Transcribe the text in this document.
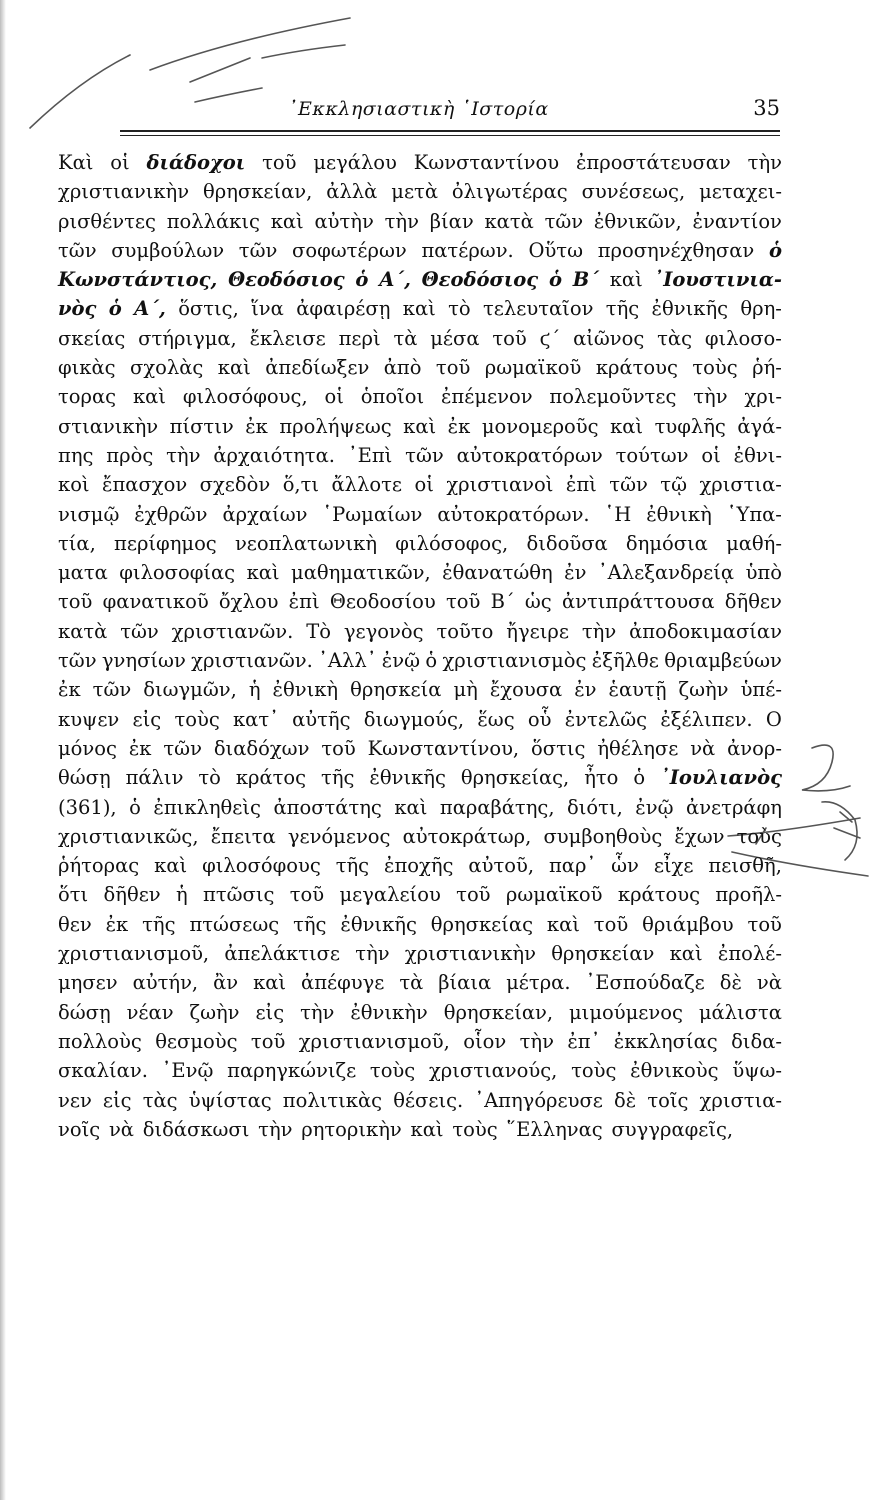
᾿Εκκλησιαστικὴ ῾Ιστορία	35
Καὶ οἱ διάδοχοι τοῦ μεγάλου Κωνσταντίνου ἐπροστάτευσαν τὴν
χριστιανικὴν θρησκείαν, ἀλλὰ μετὰ ὀλιγωτέρας συνέσεως, μεταχει-
ρισθέντες πολλάκις καὶ αὐτὴν τὴν βίαν κατὰ τῶν ἐθνικῶν, ἐναντίον
τῶν συμβούλων τῶν σοφωτέρων πατέρων. Οὕτω προσηνέχθησαν ὁ
Κωνστάντιος, Θεοδόσιος ὁ Α΄, Θεοδόσιος ὁ Β΄ καὶ ᾿Ιουστινια-
νὸς ὁ Α΄, ὅστις, ἵνα ἀφαιρέσῃ καὶ τὸ τελευταῖον τῆς ἐθνικῆς θρη-
σκείας στήριγμα, ἔκλεισε περὶ τὰ μέσα τοῦ ϛ΄ αἰῶνος τὰς φιλοσο-
φικὰς σχολὰς καὶ ἀπεδίωξεν ἀπὸ τοῦ ρωμαϊκοῦ κράτους τοὺς ῥή-
τορας καὶ φιλοσόφους, οἱ ὁποῖοι ἐπέμενον πολεμοῦντες τὴν χρι-
στιανικὴν πίστιν ἐκ προλήψεως καὶ ἐκ μονομεροῦς καὶ τυφλῆς ἀγά-
πης πρὸς τὴν ἀρχαιότητα. ᾿Επὶ τῶν αὐτοκρατόρων τούτων οἱ ἐθνι-
κοὶ ἔπασχον σχεδὸν ὅ,τι ἄλλοτε οἱ χριστιανοὶ ἐπὶ τῶν τῷ χριστια-
νισμῷ ἐχθρῶν ἀρχαίων ῾Ρωμαίων αὐτοκρατόρων. ῾Η ἐθνικὴ ῾Υπα-
τία, περίφημος νεοπλατωνικὴ φιλόσοφος, διδοῦσα δημόσια μαθή-
ματα φιλοσοφίας καὶ μαθηματικῶν, ἐθανατώθη ἐν ᾿Αλεξανδρείᾳ ὑπὸ
τοῦ φανατικοῦ ὄχλου ἐπὶ Θεοδοσίου τοῦ Β΄ ὡς ἀντιπράττουσα δῆθεν
κατὰ τῶν χριστιανῶν. Τὸ γεγονὸς τοῦτο ἤγειρε τὴν ἀποδοκιμασίαν
τῶν γνησίων χριστιανῶν. ᾿Αλλ᾿ ἐνῷ ὁ χριστιανισμὸς ἐξῆλθε θριαμβεύων
ἐκ τῶν διωγμῶν, ἡ ἐθνικὴ θρησκεία μὴ ἔχουσα ἐν ἑαυτῇ ζωὴν ὑπέ-
κυψεν εἰς τοὺς κατ᾿ αὐτῆς διωγμούς, ἕως οὗ ἐντελῶς ἐξέλιπεν. Ο
μόνος ἐκ τῶν διαδόχων τοῦ Κωνσταντίνου, ὅστις ἠθέλησε νὰ ἀνορ-
θώσῃ πάλιν τὸ κράτος τῆς ἐθνικῆς θρησκείας, ἦτο ὁ ᾿Ιουλιανὸς
(361), ὁ ἐπικληθεὶς ἀποστάτης καὶ παραβάτης, διότι, ἐνῷ ἀνετράφη
χριστιανικῶς, ἔπειτα γενόμενος αὐτοκράτωρ, συμβοηθοὺς ἔχων τοὺς
ῥήτορας καὶ φιλοσόφους τῆς ἐποχῆς αὐτοῦ, παρ᾿ ὧν εἶχε πεισθῆ,
ὅτι δῆθεν ἡ πτῶσις τοῦ μεγαλείου τοῦ ρωμαϊκοῦ κράτους προῆλ-
θεν ἐκ τῆς πτώσεως τῆς ἐθνικῆς θρησκείας καὶ τοῦ θριάμβου τοῦ
χριστιανισμοῦ, ἀπελάκτισε τὴν χριστιανικὴν θρησκείαν καὶ ἐπολέ-
μησεν αὐτήν, ἂν καὶ ἀπέφυγε τὰ βίαια μέτρα. ᾿Εσπούδαζε δὲ νὰ
δώσῃ νέαν ζωὴν εἰς τὴν ἐθνικὴν θρησκείαν, μιμούμενος μάλιστα
πολλοὺς θεσμοὺς τοῦ χριστιανισμοῦ, οἷον τὴν ἐπ᾿ ἐκκλησίας διδα-
σκαλίαν. ᾿Ενῷ παρηγκώνιζε τοὺς χριστιανούς, τοὺς ἐθνικοὺς ὕψω-
νεν εἰς τὰς ὑψίστας πολιτικὰς θέσεις. ᾿Απηγόρευσε δὲ τοῖς χριστια-
νοῖς νὰ διδάσκωσι τὴν ρητορικὴν καὶ τοὺς ῞Ελληνας συγγραφεῖς,
